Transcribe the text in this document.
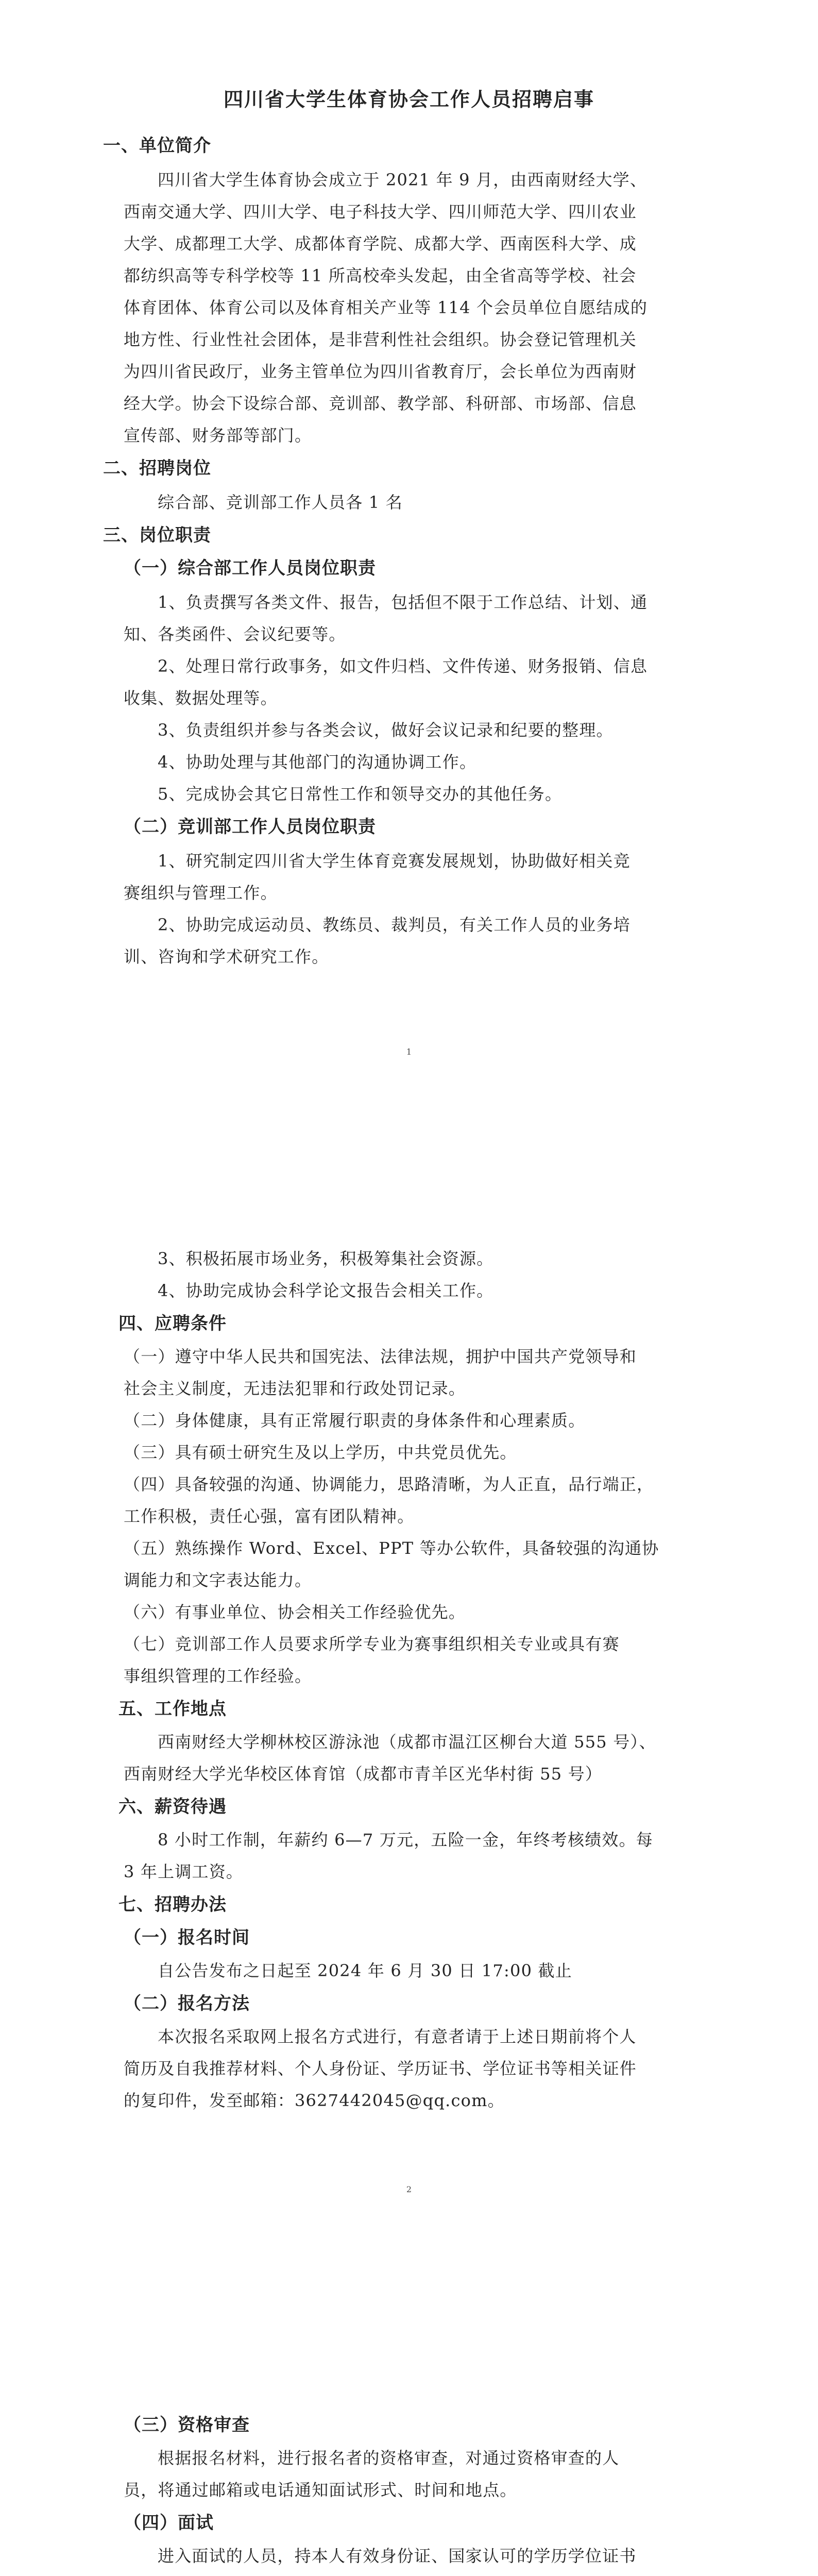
四川省大学生体育协会工作人员招聘启事

一、单位简介

四川省大学生体育协会成立于 2021 年 9 月，由西南财经大学、

西南交通大学、四川大学、电子科技大学、四川师范大学、四川农业

大学、成都理工大学、成都体育学院、成都大学、西南医科大学、成

都纺织高等专科学校等 11 所高校牵头发起，由全省高等学校、社会

体育团体、体育公司以及体育相关产业等 114 个会员单位自愿结成的

地方性、行业性社会团体，是非营利性社会组织。协会登记管理机关

为四川省民政厅，业务主管单位为四川省教育厅，会长单位为西南财

经大学。协会下设综合部、竞训部、教学部、科研部、市场部、信息

宣传部、财务部等部门。

二、招聘岗位

综合部、竞训部工作人员各 1 名

三、岗位职责

（一）综合部工作人员岗位职责

1、负责撰写各类文件、报告，包括但不限于工作总结、计划、通

知、各类函件、会议纪要等。

2、处理日常行政事务，如文件归档、文件传递、财务报销、信息

收集、数据处理等。

3、负责组织并参与各类会议，做好会议记录和纪要的整理。

4、协助处理与其他部门的沟通协调工作。

5、完成协会其它日常性工作和领导交办的其他任务。

（二）竞训部工作人员岗位职责

1、研究制定四川省大学生体育竞赛发展规划，协助做好相关竞

赛组织与管理工作。

2、协助完成运动员、教练员、裁判员，有关工作人员的业务培

训、咨询和学术研究工作。

1

3、积极拓展市场业务，积极筹集社会资源。

4、协助完成协会科学论文报告会相关工作。

四、应聘条件

（一）遵守中华人民共和国宪法、法律法规，拥护中国共产党领导和

社会主义制度，无违法犯罪和行政处罚记录。

（二）身体健康，具有正常履行职责的身体条件和心理素质。

（三）具有硕士研究生及以上学历，中共党员优先。

（四）具备较强的沟通、协调能力，思路清晰，为人正直，品行端正，

工作积极，责任心强，富有团队精神。

（五）熟练操作 Word、Excel、PPT 等办公软件，具备较强的沟通协

调能力和文字表达能力。

（六）有事业单位、协会相关工作经验优先。

（七）竞训部工作人员要求所学专业为赛事组织相关专业或具有赛

事组织管理的工作经验。

五、工作地点

西南财经大学柳林校区游泳池（成都市温江区柳台大道 555 号）、

西南财经大学光华校区体育馆（成都市青羊区光华村街 55 号）

六、薪资待遇

8 小时工作制，年薪约 6—7 万元，五险一金，年终考核绩效。每

3 年上调工资。

七、招聘办法

（一）报名时间

自公告发布之日起至 2024 年 6 月 30 日 17:00 截止

（二）报名方法

本次报名采取网上报名方式进行，有意者请于上述日期前将个人

简历及自我推荐材料、个人身份证、学历证书、学位证书等相关证件

的复印件，发至邮箱：3627442045@qq.com。

2

（三）资格审查

根据报名材料，进行报名者的资格审查，对通过资格审查的人

员，将通过邮箱或电话通知面试形式、时间和地点。

（四）面试

进入面试的人员，持本人有效身份证、国家认可的学历学位证书
